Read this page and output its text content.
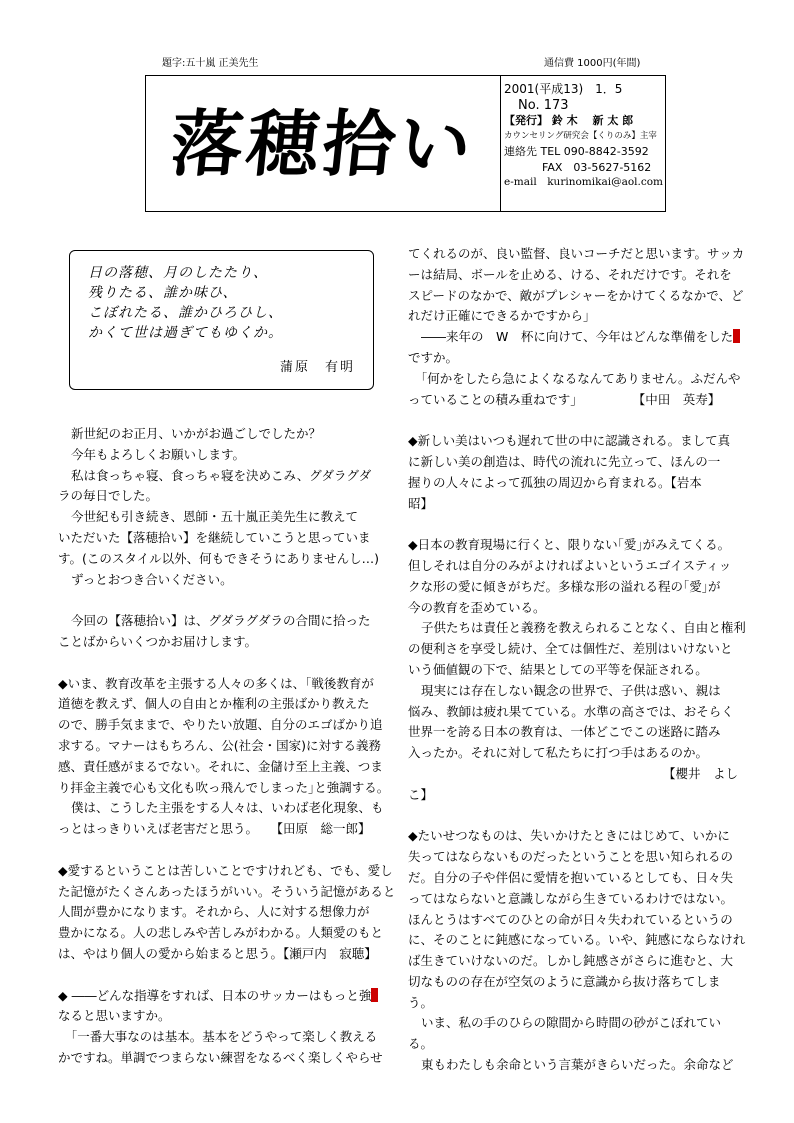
題字:五十嵐 正美先生	通信費 1000円(年間)
落穂拾い
2001(平成13)　1．5
No. 173
【発行】 鈴 木　 新 太 郎
カウンセリング研究会【くりのみ】主宰
連絡先 TEL 090-8842-3592
FAX　03-5627-5162
e-mail　kurinomikai@aol.com
日の落穂、月のしたたり、
残りたる、誰か味ひ、
こぼれたる、誰かひろひし、
かくて世は過ぎてもゆくか。
蒲原　有明

新世紀のお正月、いかがお過ごしでしたか？

今年もよろしくお願いします。

私は食っちゃ寝、食っちゃ寝を決めこみ、グダラグダ

ラの毎日でした。

今世紀も引き続き、恩師・五十嵐正美先生に教えて

いただいた【落穂拾い】を継続していこうと思っていま

す。(このスタイル以外、何もできそうにありませんし…)

ずっとおつき合いください。

今回の【落穂拾い】は、グダラグダラの合間に拾った

ことばからいくつかお届けします。

◆いま、教育改革を主張する人々の多くは、｢戦後教育が

道徳を教えず、個人の自由とか権利の主張ばかり教えた

ので、勝手気ままで、やりたい放題、自分のエゴばかり追

求する。マナーはもちろん、公(社会・国家)に対する義務

感、責任感がまるでない。それに、金儲け至上主義、つま

り拝金主義で心も文化も吹っ飛んでしまった｣と強調する。

僕は、こうした主張をする人々は、いわば老化現象、も

っとはっきりいえば老害だと思う。　　【田原　総一郎】

◆愛するということは苦しいことですけれども、でも、愛し

た記憶がたくさんあったほうがいい。そういう記憶があると

人間が豊かになります。それから、人に対する想像力が

豊かになる。人の悲しみや苦しみがわかる。人類愛のもと

は、やはり個人の愛から始まると思う。【瀬戸内　寂聴】

◆ ――どんな指導をすれば、日本のサッカーはもっと強

なると思いますか。

｢一番大事なのは基本。基本をどうやって楽しく教える

かですね。単調でつまらない練習をなるべく楽しくやらせ

てくれるのが、良い監督、良いコーチだと思います。サッカ

ーは結局、ボールを止める、ける、それだけです。それを

スピードのなかで、敵がプレシャーをかけてくるなかで、ど

れだけ正確にできるかですから｣

――来年の　W　杯に向けて、今年はどんな準備をした

ですか。

｢何かをしたら急によくなるなんてありません。ふだんや

っていることの積み重ねです｣　　　　　【中田　英寿】

◆新しい美はいつも遅れて世の中に認識される。まして真

に新しい美の創造は、時代の流れに先立って、ほんの一

握りの人々によって孤独の周辺から育まれる。【岩本

昭】

◆日本の教育現場に行くと、限りない｢愛｣がみえてくる。

但しそれは自分のみがよければよいというエゴイスティッ

クな形の愛に傾きがちだ。多様な形の溢れる程の｢愛｣が

今の教育を歪めている。

子供たちは責任と義務を教えられることなく、自由と権利

の便利さを享受し続け、全ては個性だ、差別はいけないと

いう価値観の下で、結果としての平等を保証される。

現実には存在しない観念の世界で、子供は惑い、親は

悩み、教師は疲れ果てている。水準の高さでは、おそらく

世界一を誇る日本の教育は、一体どこでこの迷路に踏み

入ったか。それに対して私たちに打つ手はあるのか。

【櫻井　よし

こ】

◆たいせつなものは、失いかけたときにはじめて、いかに

失ってはならないものだったということを思い知られるの

だ。自分の子や伴侶に愛情を抱いているとしても、日々失

ってはならないと意識しながら生きているわけではない。

ほんとうはすべてのひとの命が日々失われているというの

に、そのことに鈍感になっている。いや、鈍感にならなけれ

ば生きていけないのだ。しかし鈍感さがさらに進むと、大

切なものの存在が空気のように意識から抜け落ちてしま

う。

いま、私の手のひらの隙間から時間の砂がこぼれてい

る。

東もわたしも余命という言葉がきらいだった。余命など
